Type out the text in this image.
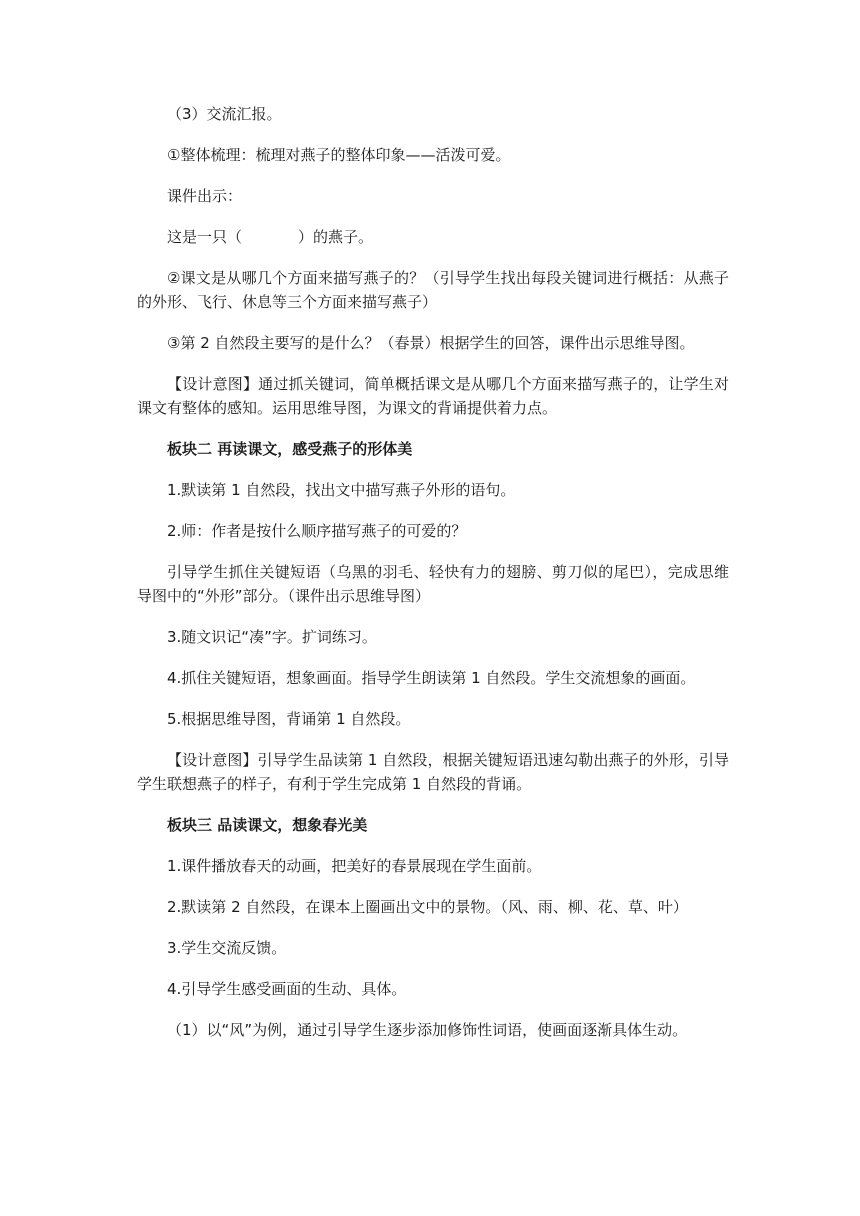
（3）交流汇报。

①整体梳理：梳理对燕子的整体印象——活泼可爱。

课件出示：

这是一只（	）的燕子。

②课文是从哪几个方面来描写燕子的？（引导学生找出每段关键词进行概括：从燕子的外形、飞行、休息等三个方面来描写燕子）

③第 2 自然段主要写的是什么？（春景）根据学生的回答，课件出示思维导图。

【设计意图】通过抓关键词，简单概括课文是从哪几个方面来描写燕子的，让学生对课文有整体的感知。运用思维导图，为课文的背诵提供着力点。

板块二 再读课文，感受燕子的形体美

1.默读第 1 自然段，找出文中描写燕子外形的语句。

2.师：作者是按什么顺序描写燕子的可爱的？

引导学生抓住关键短语（乌黑的羽毛、轻快有力的翅膀、剪刀似的尾巴），完成思维导图中的“外形”部分。（课件出示思维导图）

3.随文识记“凑”字。扩词练习。

4.抓住关键短语，想象画面。指导学生朗读第 1 自然段。学生交流想象的画面。

5.根据思维导图，背诵第 1 自然段。

【设计意图】引导学生品读第 1 自然段，根据关键短语迅速勾勒出燕子的外形，引导学生联想燕子的样子，有利于学生完成第 1 自然段的背诵。

板块三 品读课文，想象春光美

1.课件播放春天的动画，把美好的春景展现在学生面前。

2.默读第 2 自然段，在课本上圈画出文中的景物。（风、雨、柳、花、草、叶）

3.学生交流反馈。

4.引导学生感受画面的生动、具体。

（1）以“风”为例，通过引导学生逐步添加修饰性词语，使画面逐渐具体生动。
